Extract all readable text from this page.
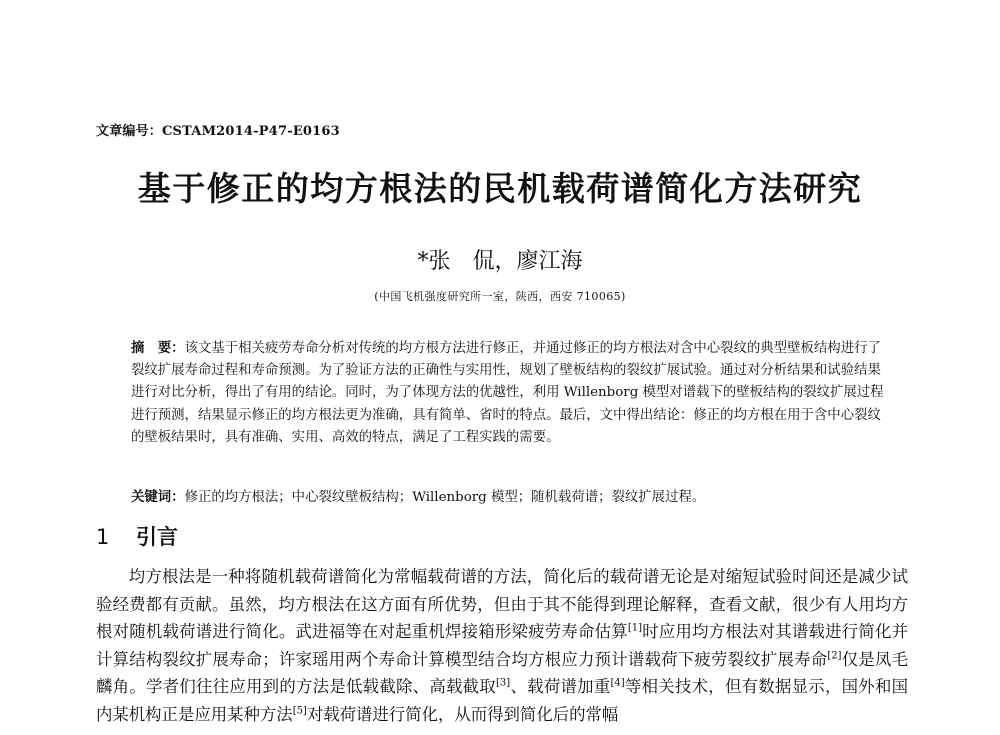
文章编号：CSTAM2014-P47-E0163
基于修正的均方根法的民机载荷谱简化方法研究
*张　侃，廖江海
(中国飞机强度研究所一室，陕西，西安 710065)
摘　要：该文基于相关疲劳寿命分析对传统的均方根方法进行修正，并通过修正的均方根法对含中心裂纹的典型壁板结构进行了裂纹扩展寿命过程和寿命预测。为了验证方法的正确性与实用性，规划了壁板结构的裂纹扩展试验。通过对分析结果和试验结果进行对比分析，得出了有用的结论。同时，为了体现方法的优越性，利用 Willenborg 模型对谱载下的壁板结构的裂纹扩展过程进行预测，结果显示修正的均方根法更为准确，具有简单、省时的特点。最后，文中得出结论：修正的均方根在用于含中心裂纹的壁板结果时，具有准确、实用、高效的特点，满足了工程实践的需要。
关键词：修正的均方根法；中心裂纹壁板结构；Willenborg 模型；随机载荷谱；裂纹扩展过程。
1 引言
均方根法是一种将随机载荷谱简化为常幅载荷谱的方法，简化后的载荷谱无论是对缩短试验时间还是减少试验经费都有贡献。虽然，均方根法在这方面有所优势，但由于其不能得到理论解释，查看文献，很少有人用均方根对随机载荷谱进行简化。武进福等在对起重机焊接箱形梁疲劳寿命估算[1]时应用均方根法对其谱载进行简化并计算结构裂纹扩展寿命；许家瑶用两个寿命计算模型结合均方根应力预计谱载荷下疲劳裂纹扩展寿命[2]仅是凤毛麟角。学者们往往应用到的方法是低载截除、高载截取[3]、载荷谱加重[4]等相关技术，但有数据显示，国外和国内某机构正是应用某种方法[5]对载荷谱进行简化，从而得到简化后的常幅
